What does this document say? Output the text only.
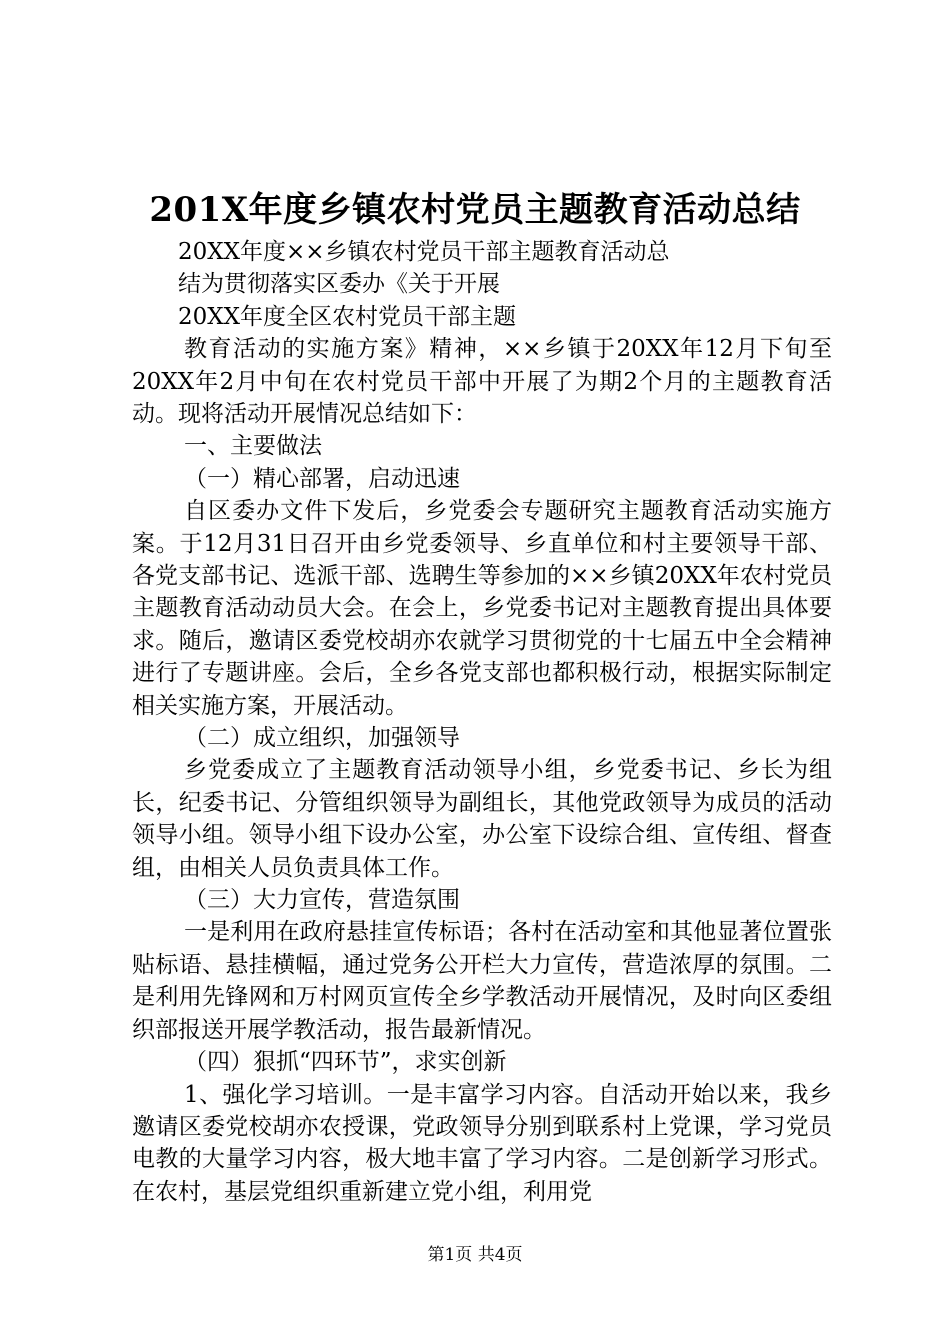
201X年度乡镇农村党员主题教育活动总结
20XX年度××乡镇农村党员干部主题教育活动总
结为贯彻落实区委办《关于开展
20XX年度全区农村党员干部主题
教育活动的实施方案》精神，××乡镇于20XX年12月下旬至20XX年2月中旬在农村党员干部中开展了为期2个月的主题教育活动。现将活动开展情况总结如下：
一、主要做法
（一）精心部署，启动迅速
自区委办文件下发后，乡党委会专题研究主题教育活动实施方案。于12月31日召开由乡党委领导、乡直单位和村主要领导干部、各党支部书记、选派干部、选聘生等参加的××乡镇20XX年农村党员主题教育活动动员大会。在会上，乡党委书记对主题教育提出具体要求。随后，邀请区委党校胡亦农就学习贯彻党的十七届五中全会精神进行了专题讲座。会后，全乡各党支部也都积极行动，根据实际制定相关实施方案，开展活动。
（二）成立组织，加强领导
乡党委成立了主题教育活动领导小组，乡党委书记、乡长为组长，纪委书记、分管组织领导为副组长，其他党政领导为成员的活动领导小组。领导小组下设办公室，办公室下设综合组、宣传组、督查组，由相关人员负责具体工作。
（三）大力宣传，营造氛围
一是利用在政府悬挂宣传标语；各村在活动室和其他显著位置张贴标语、悬挂横幅，通过党务公开栏大力宣传，营造浓厚的氛围。二是利用先锋网和万村网页宣传全乡学教活动开展情况，及时向区委组织部报送开展学教活动，报告最新情况。
（四）狠抓“四环节”，求实创新
1、强化学习培训。一是丰富学习内容。自活动开始以来，我乡邀请区委党校胡亦农授课，党政领导分别到联系村上党课，学习党员电教的大量学习内容，极大地丰富了学习内容。二是创新学习形式。在农村，基层党组织重新建立党小组，利用党
第1页 共4页
